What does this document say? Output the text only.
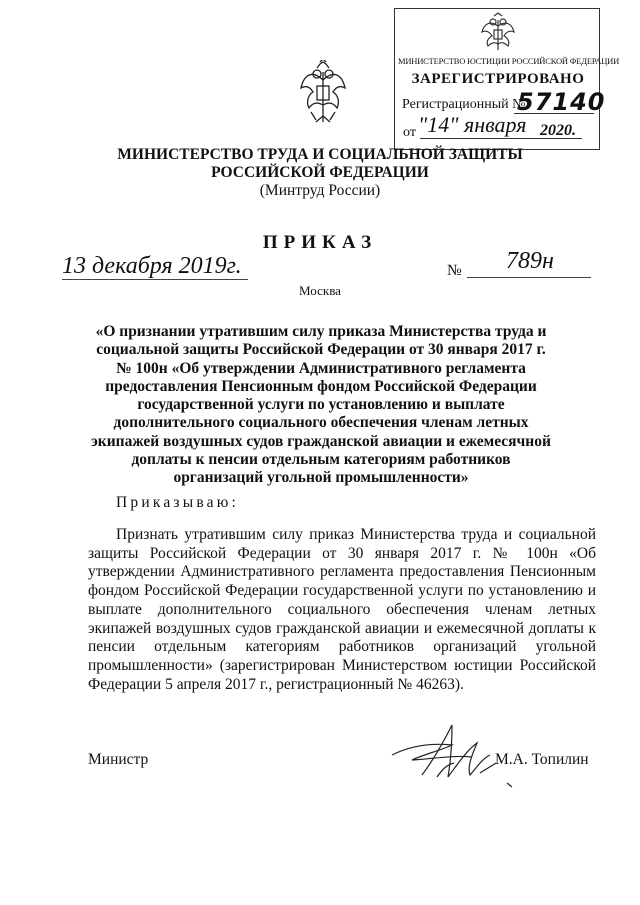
МИНИСТЕРСТВО ЮСТИЦИИ РОССИЙСКОЙ ФЕДЕРАЦИИ
ЗАРЕГИСТРИРОВАНО
Регистрационный №
57140
от "14" января 2020.
МИНИСТЕРСТВО ТРУДА И СОЦИАЛЬНОЙ ЗАЩИТЫ РОССИЙСКОЙ ФЕДЕРАЦИИ
(Минтруд России)
ПРИКАЗ
13 декабря 2019г.	№ 789н
Москва
«О признании утратившим силу приказа Министерства труда и социальной защиты Российской Федерации от 30 января 2017 г. № 100н «Об утверждении Административного регламента предоставления Пенсионным фондом Российской Федерации государственной услуги по установлению и выплате дополнительного социального обеспечения членам летных экипажей воздушных судов гражданской авиации и ежемесячной доплаты к пенсии отдельным категориям работников организаций угольной промышленности»
Приказываю:
Признать утратившим силу приказ Министерства труда и социальной защиты Российской Федерации от 30 января 2017 г. № 100н «Об утверждении Административного регламента предоставления Пенсионным фондом Российской Федерации государственной услуги по установлению и выплате дополнительного социального обеспечения членам летных экипажей воздушных судов гражданской авиации и ежемесячной доплаты к пенсии отдельным категориям работников организаций угольной промышленности» (зарегистрирован Министерством юстиции Российской Федерации 5 апреля 2017 г., регистрационный № 46263).
Министр	М.А. Топилин
